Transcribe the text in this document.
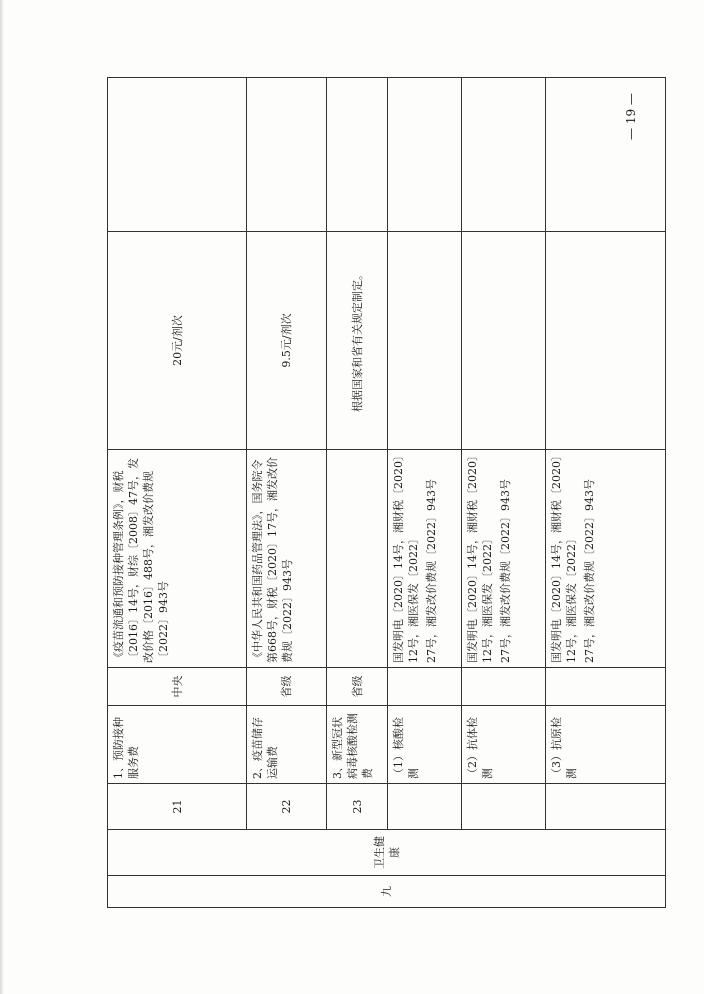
— 19 —
九	卫生健康	21	1、预防接种服务费	中央	《疫苗流通和预防接种管理条例》，财税〔2016〕14号，财综〔2008〕47号，发改价格〔2016〕488号，湘发改价费规〔2022〕943号	20元/剂次	
		22	2、疫苗储存运输费	省级	《中华人民共和国药品管理法》，国务院令第668号，财税〔2020〕17号，湘发改价费规〔2022〕943号	9.5元/剂次	
		23	3、新型冠状病毒核酸检测费	省级		根据国家和省有关规定制定。	
			（1）核酸检测		国发明电〔2020〕14号，湘财税〔2020〕12号，湘医保发〔2022〕 27号，湘发改价费规〔2022〕943号		

			（2）抗体检测		国发明电〔2020〕14号，湘财税〔2020〕12号，湘医保发〔2022〕 27号，湘发改价费规〔2022〕943号		

			（3）抗原检测		国发明电〔2020〕14号，湘财税〔2020〕12号，湘医保发〔2022〕 27号，湘发改价费规〔2022〕943号		
